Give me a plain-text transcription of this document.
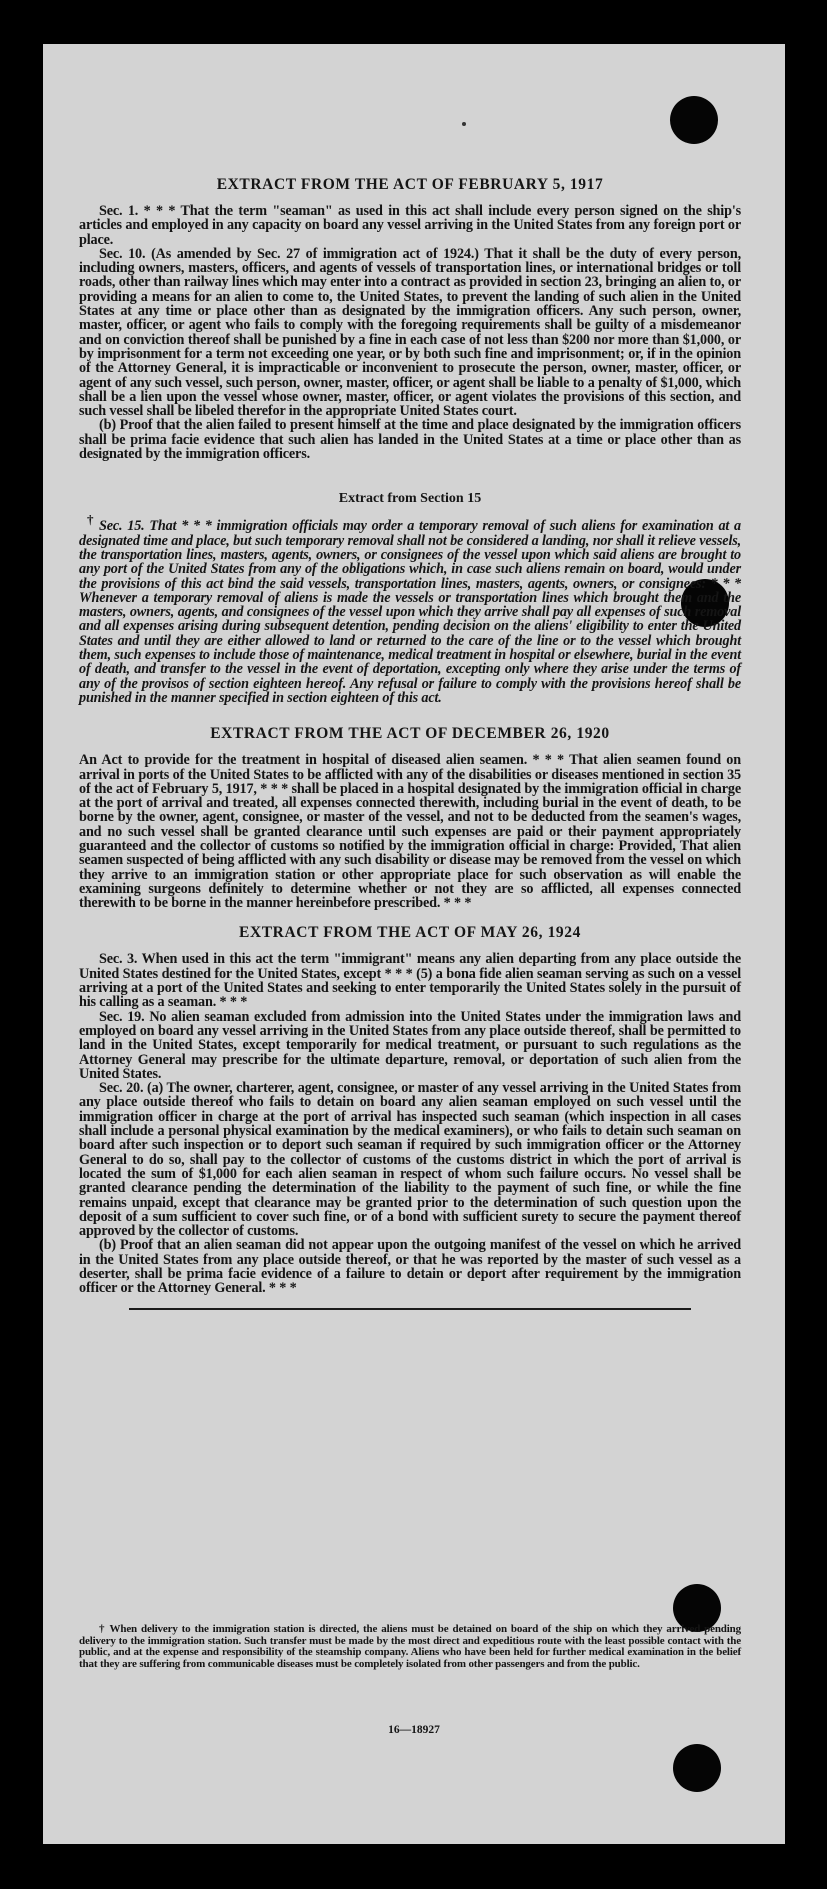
†
EXTRACT FROM THE ACT OF FEBRUARY 5, 1917

Sec. 1. * * * That the term "seaman" as used in this act shall include every person signed on the ship's articles and employed in any capacity on board any vessel arriving in the United States from any foreign port or place.

Sec. 10. (As amended by Sec. 27 of immigration act of 1924.) That it shall be the duty of every person, including owners, masters, officers, and agents of vessels of transportation lines, or international bridges or toll roads, other than railway lines which may enter into a contract as provided in section 23, bringing an alien to, or providing a means for an alien to come to, the United States, to prevent the landing of such alien in the United States at any time or place other than as designated by the immigration officers. Any such person, owner, master, officer, or agent who fails to comply with the foregoing requirements shall be guilty of a misdemeanor and on conviction thereof shall be punished by a fine in each case of not less than $200 nor more than $1,000, or by imprisonment for a term not exceeding one year, or by both such fine and imprisonment; or, if in the opinion of the Attorney General, it is impracticable or inconvenient to prosecute the person, owner, master, officer, or agent of any such vessel, such person, owner, master, officer, or agent shall be liable to a penalty of $1,000, which shall be a lien upon the vessel whose owner, master, officer, or agent violates the provisions of this section, and such vessel shall be libeled therefor in the appropriate United States court.

(b) Proof that the alien failed to present himself at the time and place designated by the immigration officers shall be prima facie evidence that such alien has landed in the United States at a time or place other than as designated by the immigration officers.

Extract from Section 15

Sec. 15. That * * * immigration officials may order a temporary removal of such aliens for examination at a designated time and place, but such temporary removal shall not be considered a landing, nor shall it relieve vessels, the transportation lines, masters, agents, owners, or consignees of the vessel upon which said aliens are brought to any port of the United States from any of the obligations which, in case such aliens remain on board, would under the provisions of this act bind the said vessels, transportation lines, masters, agents, owners, or consignees: * * * Whenever a temporary removal of aliens is made the vessels or transportation lines which brought them and the masters, owners, agents, and consignees of the vessel upon which they arrive shall pay all expenses of such removal and all expenses arising during subsequent detention, pending decision on the aliens' eligibility to enter the United States and until they are either allowed to land or returned to the care of the line or to the vessel which brought them, such expenses to include those of maintenance, medical treatment in hospital or elsewhere, burial in the event of death, and transfer to the vessel in the event of deportation, excepting only where they arise under the terms of any of the provisos of section eighteen hereof. Any refusal or failure to comply with the provisions hereof shall be punished in the manner specified in section eighteen of this act.

EXTRACT FROM THE ACT OF DECEMBER 26, 1920

An Act to provide for the treatment in hospital of diseased alien seamen. * * * That alien seamen found on arrival in ports of the United States to be afflicted with any of the disabilities or diseases mentioned in section 35 of the act of February 5, 1917, * * * shall be placed in a hospital designated by the immigration official in charge at the port of arrival and treated, all expenses connected therewith, including burial in the event of death, to be borne by the owner, agent, consignee, or master of the vessel, and not to be deducted from the seamen's wages, and no such vessel shall be granted clearance until such expenses are paid or their payment appropriately guaranteed and the collector of customs so notified by the immigration official in charge: Provided, That alien seamen suspected of being afflicted with any such disability or disease may be removed from the vessel on which they arrive to an immigration station or other appropriate place for such observation as will enable the examining surgeons definitely to determine whether or not they are so afflicted, all expenses connected therewith to be borne in the manner hereinbefore prescribed. * * *

EXTRACT FROM THE ACT OF MAY 26, 1924

Sec. 3. When used in this act the term "immigrant" means any alien departing from any place outside the United States destined for the United States, except * * * (5) a bona fide alien seaman serving as such on a vessel arriving at a port of the United States and seeking to enter temporarily the United States solely in the pursuit of his calling as a seaman. * * *

Sec. 19. No alien seaman excluded from admission into the United States under the immigration laws and employed on board any vessel arriving in the United States from any place outside thereof, shall be permitted to land in the United States, except temporarily for medical treatment, or pursuant to such regulations as the Attorney General may prescribe for the ultimate departure, removal, or deportation of such alien from the United States.

Sec. 20. (a) The owner, charterer, agent, consignee, or master of any vessel arriving in the United States from any place outside thereof who fails to detain on board any alien seaman employed on such vessel until the immigration officer in charge at the port of arrival has inspected such seaman (which inspection in all cases shall include a personal physical examination by the medical examiners), or who fails to detain such seaman on board after such inspection or to deport such seaman if required by such immigration officer or the Attorney General to do so, shall pay to the collector of customs of the customs district in which the port of arrival is located the sum of $1,000 for each alien seaman in respect of whom such failure occurs. No vessel shall be granted clearance pending the determination of the liability to the payment of such fine, or while the fine remains unpaid, except that clearance may be granted prior to the determination of such question upon the deposit of a sum sufficient to cover such fine, or of a bond with sufficient surety to secure the payment thereof approved by the collector of customs.

(b) Proof that an alien seaman did not appear upon the outgoing manifest of the vessel on which he arrived in the United States from any place outside thereof, or that he was reported by the master of such vessel as a deserter, shall be prima facie evidence of a failure to detain or deport after requirement by the immigration officer or the Attorney General. * * *

† When delivery to the immigration station is directed, the aliens must be detained on board of the ship on which they arrived pending delivery to the immigration station. Such transfer must be made by the most direct and expeditious route with the least possible contact with the public, and at the expense and responsibility of the steamship company. Aliens who have been held for further medical examination in the belief that they are suffering from communicable diseases must be completely isolated from other passengers and from the public.

16—18927
